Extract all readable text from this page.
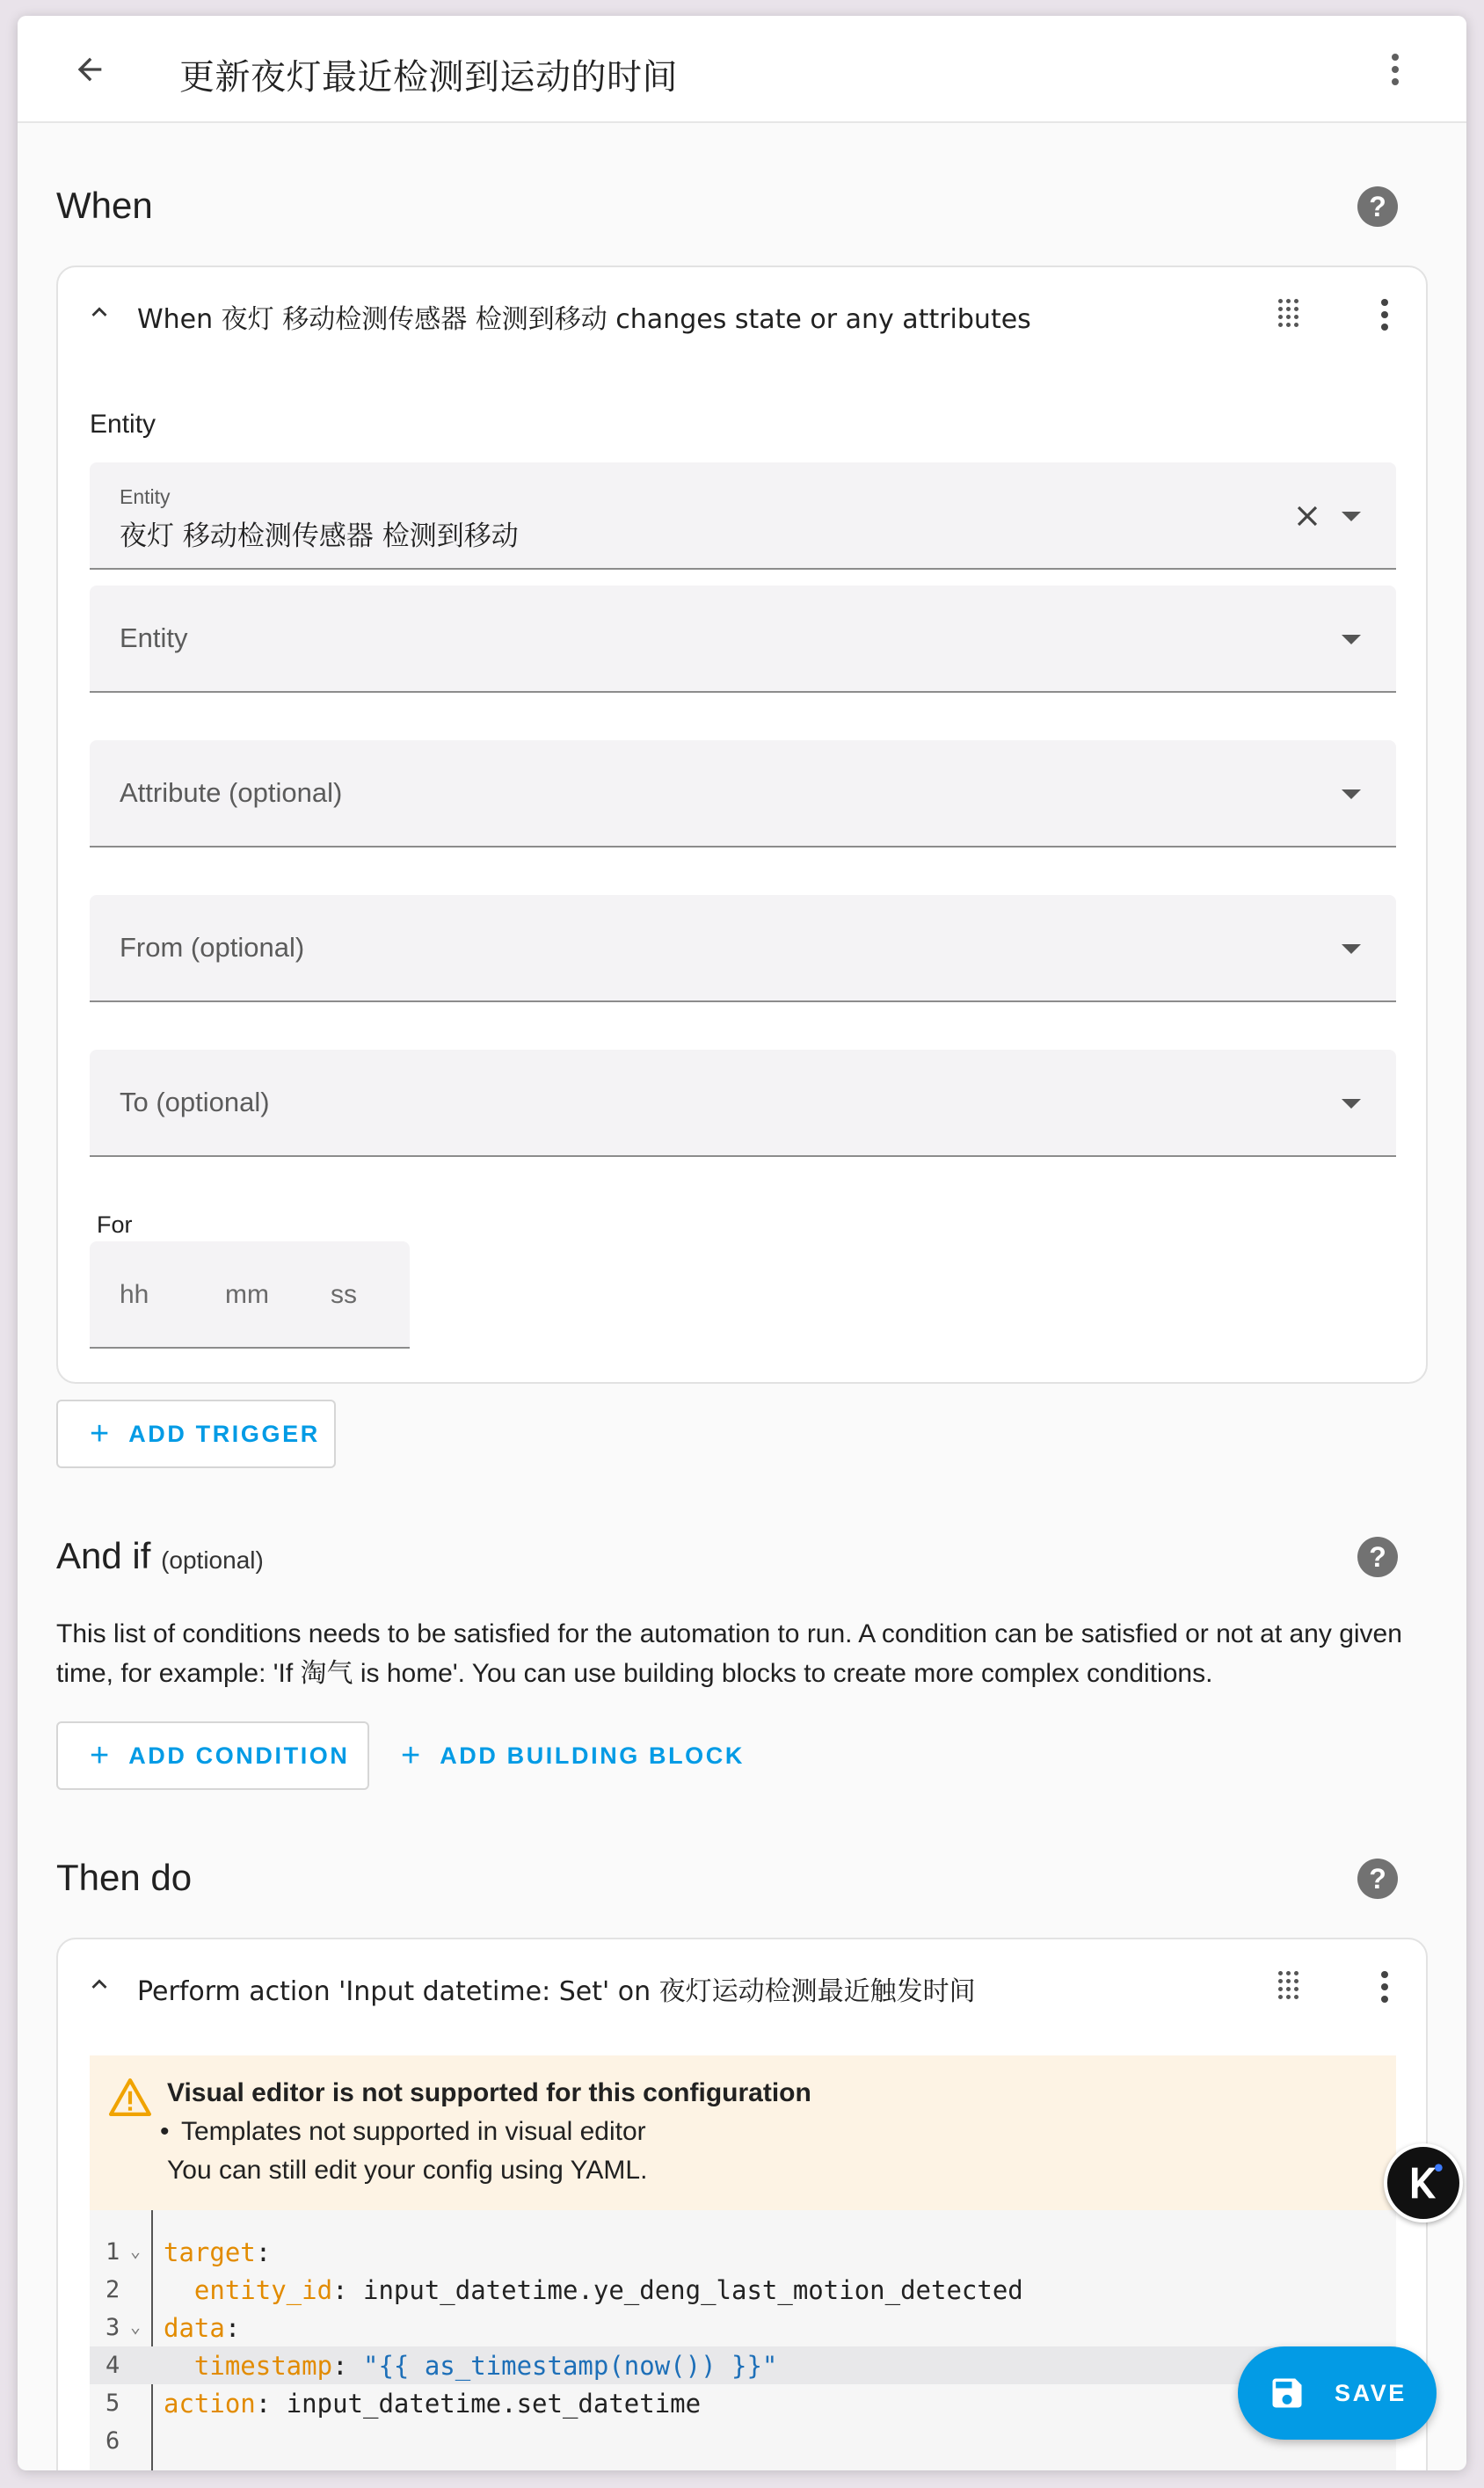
更新夜灯最近检测到运动的时间
When	?
When 夜灯 移动检测传感器 检测到移动 changes state or any attributes
Entity
Entity
夜灯 移动检测传感器 检测到移动
Entity
Attribute (optional)
From (optional)
To (optional)
For
hh	mm ss
+ ADD TRIGGER
And if (optional)	?
This list of conditions needs to be satisfied for the automation to run. A condition can be satisfied or not at any given time, for example: 'If 淘气 is home'. You can use building blocks to create more complex conditions.
+ ADD CONDITION + ADD BUILDING BLOCK
Then do	?
Perform action 'Input datetime: Set' on 夜灯运动检测最近触发时间
Visual editor is not supported for this configuration
• Templates not supported in visual editor
You can still edit your config using YAML.
1 ⌄ target:
2	entity_id: input_datetime.ye_deng_last_motion_detected
3 ⌄ data:
4	timestamp: "{{ as_timestamp(now()) }}"
5 action: input_datetime.set_datetime
6
SAVE
